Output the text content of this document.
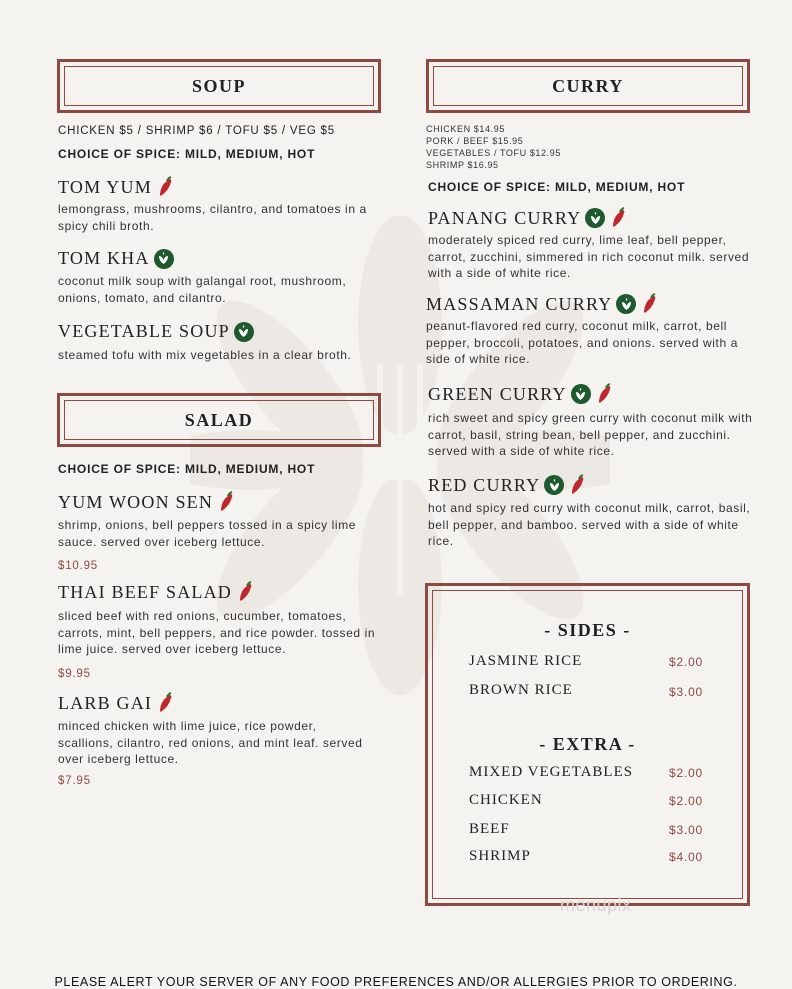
SOUP
CHICKEN $5 / SHRIMP $6 / TOFU $5 / VEG $5
CHOICE OF SPICE: MILD, MEDIUM, HOT
TOM YUM
lemongrass, mushrooms, cilantro, and tomatoes in a spicy chili broth.
TOM KHA
coconut milk soup with galangal root, mushroom, onions, tomato, and cilantro.
VEGETABLE SOUP
steamed tofu with mix vegetables in a clear broth.
SALAD
CHOICE OF SPICE: MILD, MEDIUM, HOT
YUM WOON SEN
shrimp, onions, bell peppers tossed in a spicy lime sauce. served over iceberg lettuce.
$10.95
THAI BEEF SALAD
sliced beef with red onions, cucumber, tomatoes, carrots, mint, bell peppers, and rice powder. tossed in lime juice. served over iceberg lettuce.
$9.95
LARB GAI
minced chicken with lime juice, rice powder, scallions, cilantro, red onions, and mint leaf. served over iceberg lettuce.
$7.95
CURRY
CHICKEN $14.95
PORK / BEEF $15.95
VEGETABLES / TOFU $12.95
SHRIMP $16.95
CHOICE OF SPICE: MILD, MEDIUM, HOT
PANANG CURRY
moderately spiced red curry, lime leaf, bell pepper, carrot, zucchini, simmered in rich coconut milk. served with a side of white rice.
MASSAMAN CURRY
peanut-flavored red curry, coconut milk, carrot, bell pepper, broccoli, potatoes, and onions. served with a side of white rice.
GREEN CURRY
rich sweet and spicy green curry with coconut milk with carrot, basil, string bean, bell pepper, and zucchini. served with a side of white rice.
RED CURRY
hot and spicy red curry with coconut milk, carrot, basil, bell pepper, and bamboo. served with a side of white rice.
- SIDES -
JASMINE RICE	$2.00
BROWN RICE	$3.00
- EXTRA -
MIXED VEGETABLES	$2.00
CHICKEN	$2.00
BEEF	$3.00
SHRIMP	$4.00
menupix
PLEASE ALERT YOUR SERVER OF ANY FOOD PREFERENCES AND/OR ALLERGIES PRIOR TO ORDERING.
